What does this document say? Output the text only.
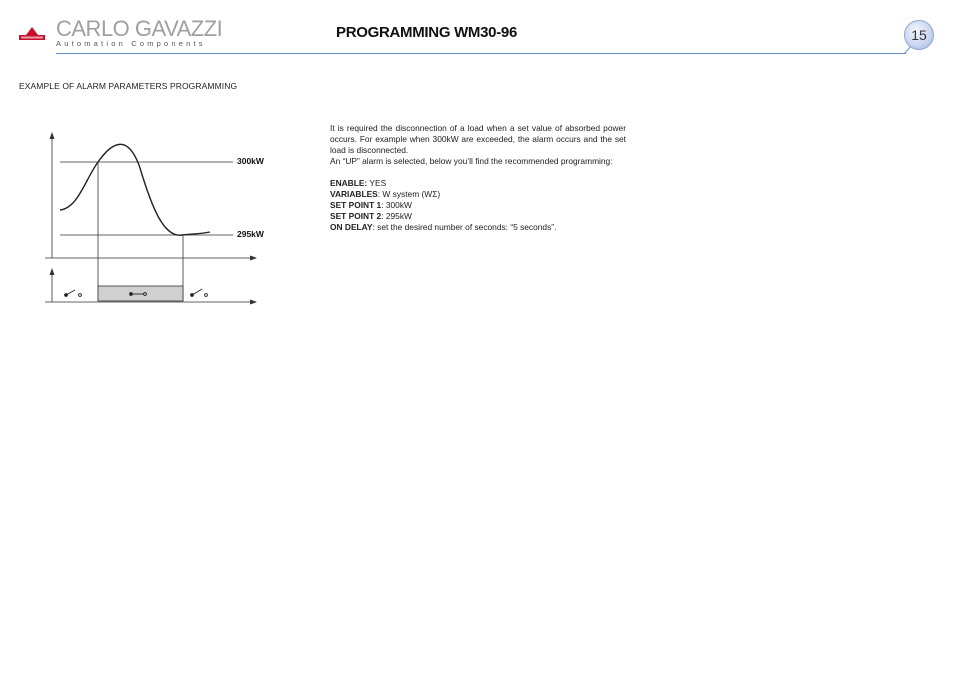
CARLO GAVAZZI
Automation Components
PROGRAMMING WM30-96	15
EXAMPLE OF ALARM PARAMETERS PROGRAMMING
300kW
295kW

It is required the disconnection of a load when a set value of absorbed power occurs. For example when 300kW are exceeded, the alarm occurs and the set load is disconnected.

An “UP” alarm is selected, below you’ll find the recommended programming:

ENABLE: YES

VARIABLES: W system (WΣ)

SET POINT 1: 300kW

SET POINT 2: 295kW

ON DELAY: set the desired number of seconds: “5 seconds”.
